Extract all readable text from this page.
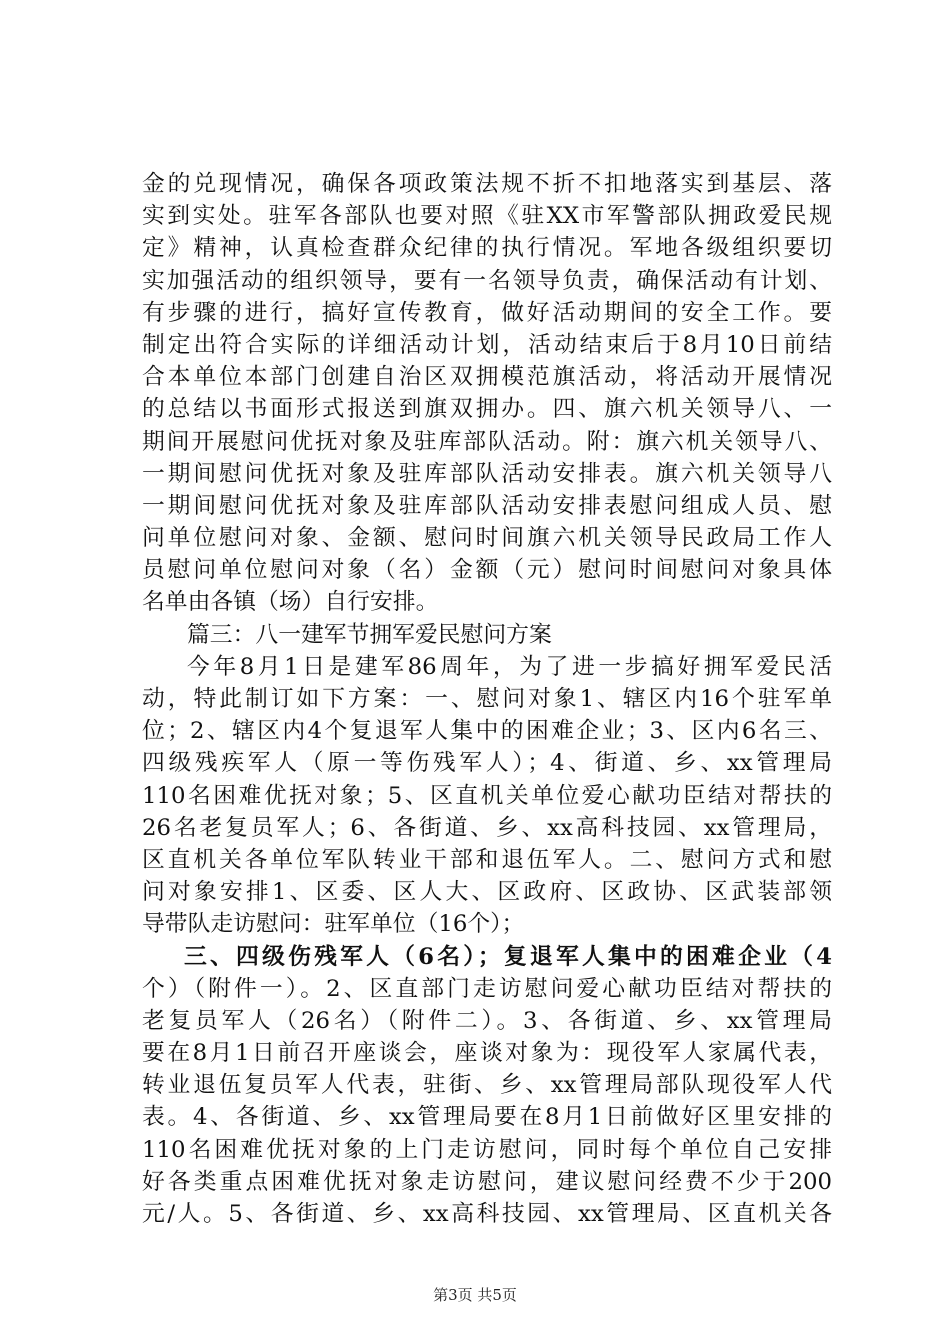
金的兑现情况，确保各项政策法规不折不扣地落实到基层、落
实到实处。驻军各部队也要对照《驻XX市军警部队拥政爱民规
定》精神，认真检查群众纪律的执行情况。军地各级组织要切
实加强活动的组织领导，要有一名领导负责，确保活动有计划、
有步骤的进行，搞好宣传教育，做好活动期间的安全工作。要
制定出符合实际的详细活动计划，活动结束后于8月10日前结
合本单位本部门创建自治区双拥模范旗活动，将活动开展情况
的总结以书面形式报送到旗双拥办。四、旗六机关领导八、一
期间开展慰问优抚对象及驻库部队活动。附：旗六机关领导八、
一期间慰问优抚对象及驻库部队活动安排表。旗六机关领导八
一期间慰问优抚对象及驻库部队活动安排表慰问组成人员、慰
问单位慰问对象、金额、慰问时间旗六机关领导民政局工作人
员慰问单位慰问对象（名）金额（元）慰问时间慰问对象具体
名单由各镇（场）自行安排。
篇三：八一建军节拥军爱民慰问方案
今年8月1日是建军86周年，为了进一步搞好拥军爱民活
动，特此制订如下方案：一、慰问对象1、辖区内16个驻军单
位；2、辖区内4个复退军人集中的困难企业；3、区内6名三、
四级残疾军人（原一等伤残军人）；4、街道、乡、xx管理局
110名困难优抚对象；5、区直机关单位爱心献功臣结对帮扶的
26名老复员军人；6、各街道、乡、xx高科技园、xx管理局，
区直机关各单位军队转业干部和退伍军人。二、慰问方式和慰
问对象安排1、区委、区人大、区政府、区政协、区武装部领
导带队走访慰问：驻军单位（16个）；
三、四级伤残军人（6名）；复退军人集中的困难企业（4
个）（附件一）。2、区直部门走访慰问爱心献功臣结对帮扶的
老复员军人（26名）（附件二）。3、各街道、乡、xx管理局
要在8月1日前召开座谈会，座谈对象为：现役军人家属代表，
转业退伍复员军人代表，驻街、乡、xx管理局部队现役军人代
表。4、各街道、乡、xx管理局要在8月1日前做好区里安排的
110名困难优抚对象的上门走访慰问，同时每个单位自己安排
好各类重点困难优抚对象走访慰问，建议慰问经费不少于200
元/人。5、各街道、乡、xx高科技园、xx管理局、区直机关各
第3页 共5页
